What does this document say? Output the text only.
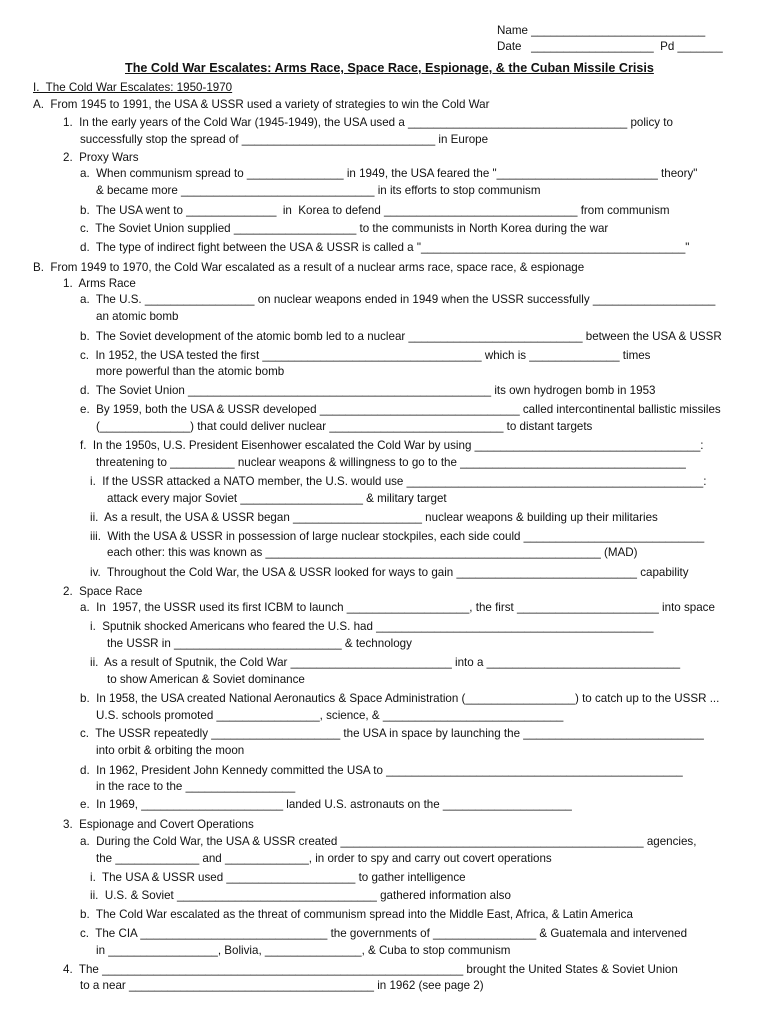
Name ___________________________
Date   ___________________  Pd _______
The Cold War Escalates: Arms Race, Space Race, Espionage, & the Cuban Missile Crisis
I.  The Cold War Escalates: 1950-1970
A.  From 1945 to 1991, the USA & USSR used a variety of strategies to win the Cold War
1.  In the early years of the Cold War (1945-1949), the USA used a __________________________________ policy to
successfully stop the spread of ______________________________ in Europe
2.  Proxy Wars
a.  When communism spread to _______________ in 1949, the USA feared the "_________________________ theory"
& became more ______________________________ in its efforts to stop communism
b.  The USA went to ______________  in  Korea to defend ______________________________ from communism
c.  The Soviet Union supplied ___________________ to the communists in North Korea during the war
d.  The type of indirect fight between the USA & USSR is called a "_________________________________________"
B.  From 1949 to 1970, the Cold War escalated as a result of a nuclear arms race, space race, & espionage
1.  Arms Race
a.  The U.S. _________________ on nuclear weapons ended in 1949 when the USSR successfully ___________________
an atomic bomb
b.  The Soviet development of the atomic bomb led to a nuclear ___________________________ between the USA & USSR
c.  In 1952, the USA tested the first __________________________________ which is ______________ times
more powerful than the atomic bomb
d.  The Soviet Union _______________________________________________ its own hydrogen bomb in 1953
e.  By 1959, both the USA & USSR developed _______________________________ called intercontinental ballistic missiles
(______________) that could deliver nuclear ___________________________ to distant targets
f.  In the 1950s, U.S. President Eisenhower escalated the Cold War by using ___________________________________:
threatening to __________ nuclear weapons & willingness to go to the ___________________________________
i.  If the USSR attacked a NATO member, the U.S. would use ______________________________________________:
attack every major Soviet ___________________ & military target
ii.  As a result, the USA & USSR began ____________________ nuclear weapons & building up their militaries
iii.  With the USA & USSR in possession of large nuclear stockpiles, each side could ____________________________
each other: this was known as ____________________________________________________ (MAD)
iv.  Throughout the Cold War, the USA & USSR looked for ways to gain ____________________________ capability
2.  Space Race
a.  In  1957, the USSR used its first ICBM to launch ___________________, the first ______________________ into space
i.  Sputnik shocked Americans who feared the U.S. had ___________________________________________
the USSR in __________________________ & technology
ii.  As a result of Sputnik, the Cold War _________________________ into a ______________________________
to show American & Soviet dominance
b.  In 1958, the USA created National Aeronautics & Space Administration (_________________) to catch up to the USSR ...
U.S. schools promoted ________________, science, & ____________________________
c.  The USSR repeatedly ____________________ the USA in space by launching the ____________________________
into orbit & orbiting the moon
d.  In 1962, President John Kennedy committed the USA to ______________________________________________
in the race to the _________________
e.  In 1969, ______________________ landed U.S. astronauts on the ____________________
3.  Espionage and Covert Operations
a.  During the Cold War, the USA & USSR created _______________________________________________ agencies,
the _____________ and _____________, in order to spy and carry out covert operations
i.  The USA & USSR used ____________________ to gather intelligence
ii.  U.S. & Soviet _______________________________ gathered information also
b.  The Cold War escalated as the threat of communism spread into the Middle East, Africa, & Latin America
c.  The CIA _____________________________ the governments of ________________ & Guatemala and intervened
in _________________, Bolivia, _______________, & Cuba to stop communism
4.  The ________________________________________________________ brought the United States & Soviet Union
to a near ______________________________________ in 1962 (see page 2)
